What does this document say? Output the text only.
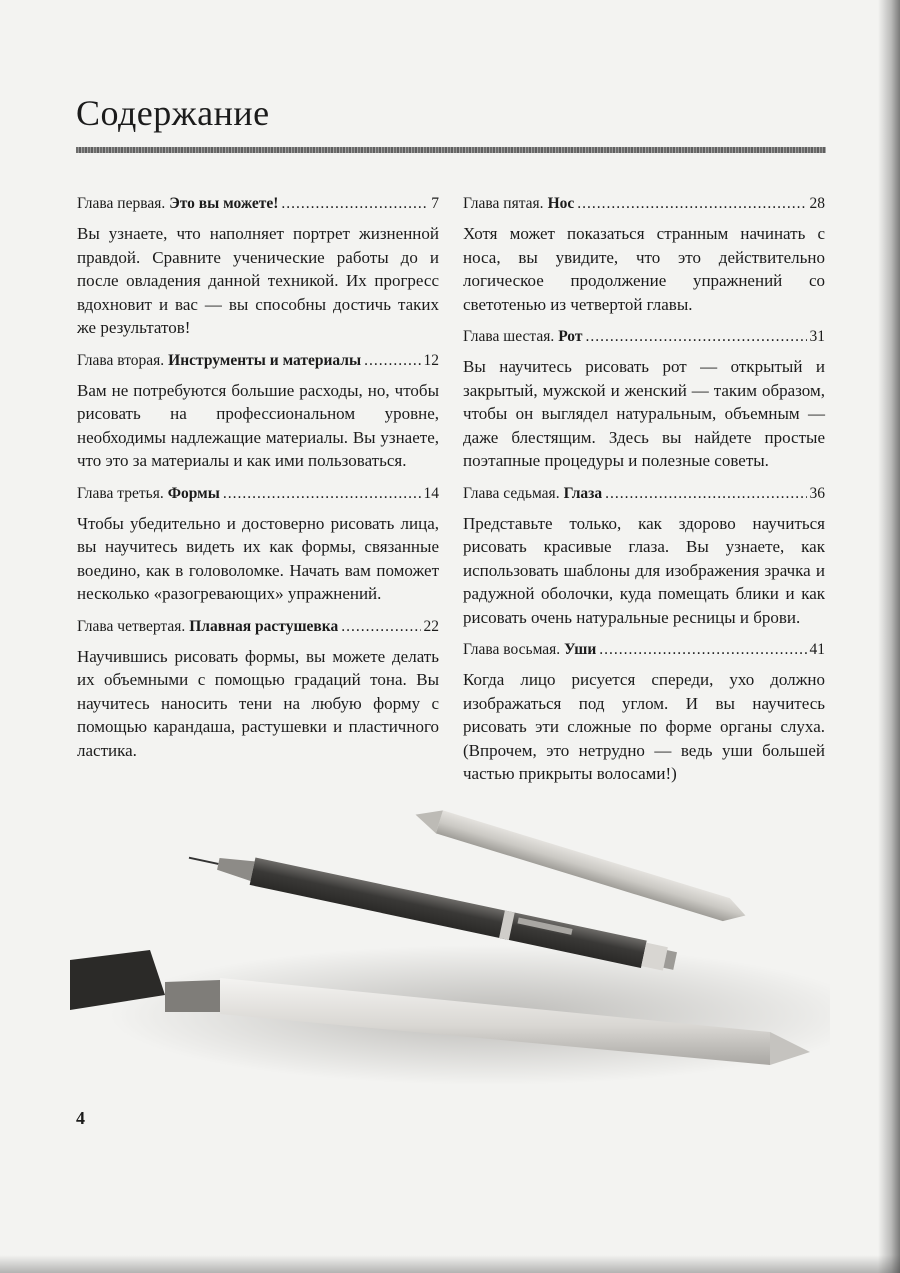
Содержание
Глава первая. Это вы можете! .....	7

Вы узнаете, что наполняет портрет жизненной правдой. Сравните ученические работы до и после овладения данной техникой. Их прогресс вдохновит и вас — вы способны достичь таких же результатов!

Глава вторая. Инструменты и материалы .....	12

Вам не потребуются большие расходы, но, чтобы рисовать на профессиональном уровне, необходимы надлежащие материалы. Вы узнаете, что это за материалы и как ими пользоваться.

Глава третья. Формы .....	14

Чтобы убедительно и достоверно рисовать лица, вы научитесь видеть их как формы, связанные воедино, как в головоломке. Начать вам поможет несколько «разогревающих» упражнений.

Глава четвертая. Плавная растушевка .....	22

Научившись рисовать формы, вы можете делать их объемными с помощью градаций тона. Вы научитесь наносить тени на любую форму с помощью карандаша, растушевки и пластичного ластика.

Глава пятая. Нос .....	28

Хотя может показаться странным начинать с носа, вы увидите, что это действительно логическое продолжение упражнений со светотенью из четвертой главы.

Глава шестая. Рот .....	31

Вы научитесь рисовать рот — открытый и закрытый, мужской и женский — таким образом, чтобы он выглядел натуральным, объемным — даже блестящим. Здесь вы найдете простые поэтапные процедуры и полезные советы.

Глава седьмая. Глаза .....	36

Представьте только, как здорово научиться рисовать красивые глаза. Вы узнаете, как использовать шаблоны для изображения зрачка и радужной оболочки, куда помещать блики и как рисовать очень натуральные ресницы и брови.

Глава восьмая. Уши .....	41

Когда лицо рисуется спереди, ухо должно изображаться под углом. И вы научитесь рисовать эти сложные по форме органы слуха. (Впрочем, это нетрудно — ведь уши большей частью прикрыты волосами!)

4
